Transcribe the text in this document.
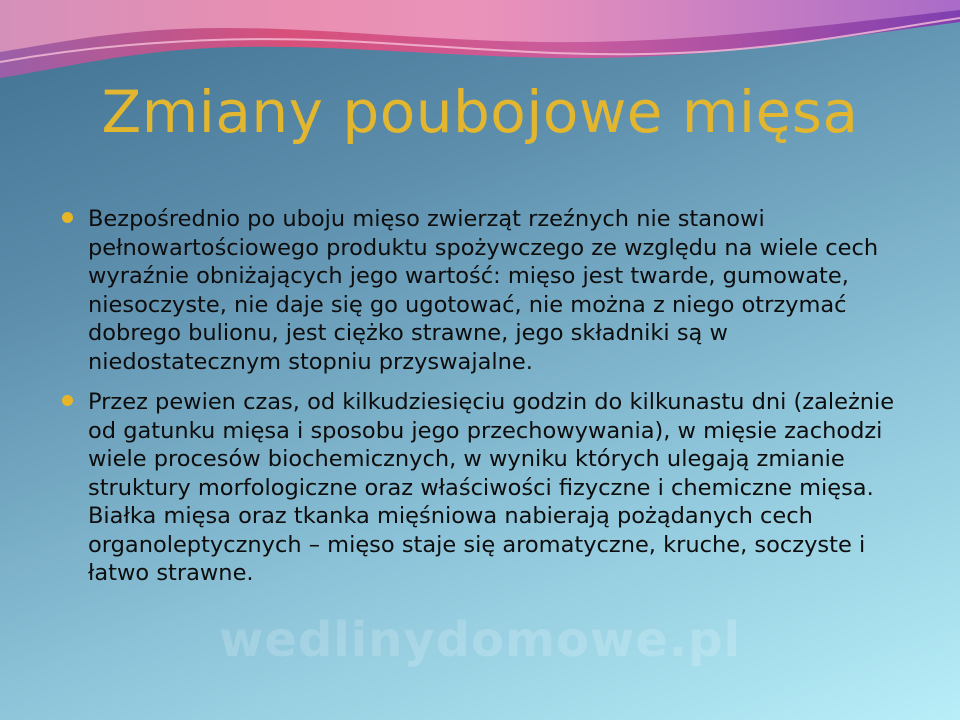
Zmiany poubojowe mięsa
Bezpośrednio po uboju mięso zwierząt rzeźnych nie stanowi pełnowartościowego produktu spożywczego ze względu na wiele cech wyraźnie obniżających jego wartość: mięso jest twarde, gumowate, niesoczyste, nie daje się go ugotować, nie można z niego otrzymać dobrego bulionu, jest ciężko strawne, jego składniki są w niedostatecznym stopniu przyswajalne.
Przez pewien czas, od kilkudziesięciu godzin do kilkunastu dni (zależnie od gatunku mięsa i sposobu jego przechowywania), w mięsie zachodzi wiele procesów biochemicznych, w wyniku których ulegają zmianie struktury morfologiczne oraz właściwości fizyczne i chemiczne mięsa. Białka mięsa oraz tkanka mięśniowa nabierają pożądanych cech organoleptycznych – mięso staje się aromatyczne, kruche, soczyste i łatwo strawne.
wedlinydomowe.pl
